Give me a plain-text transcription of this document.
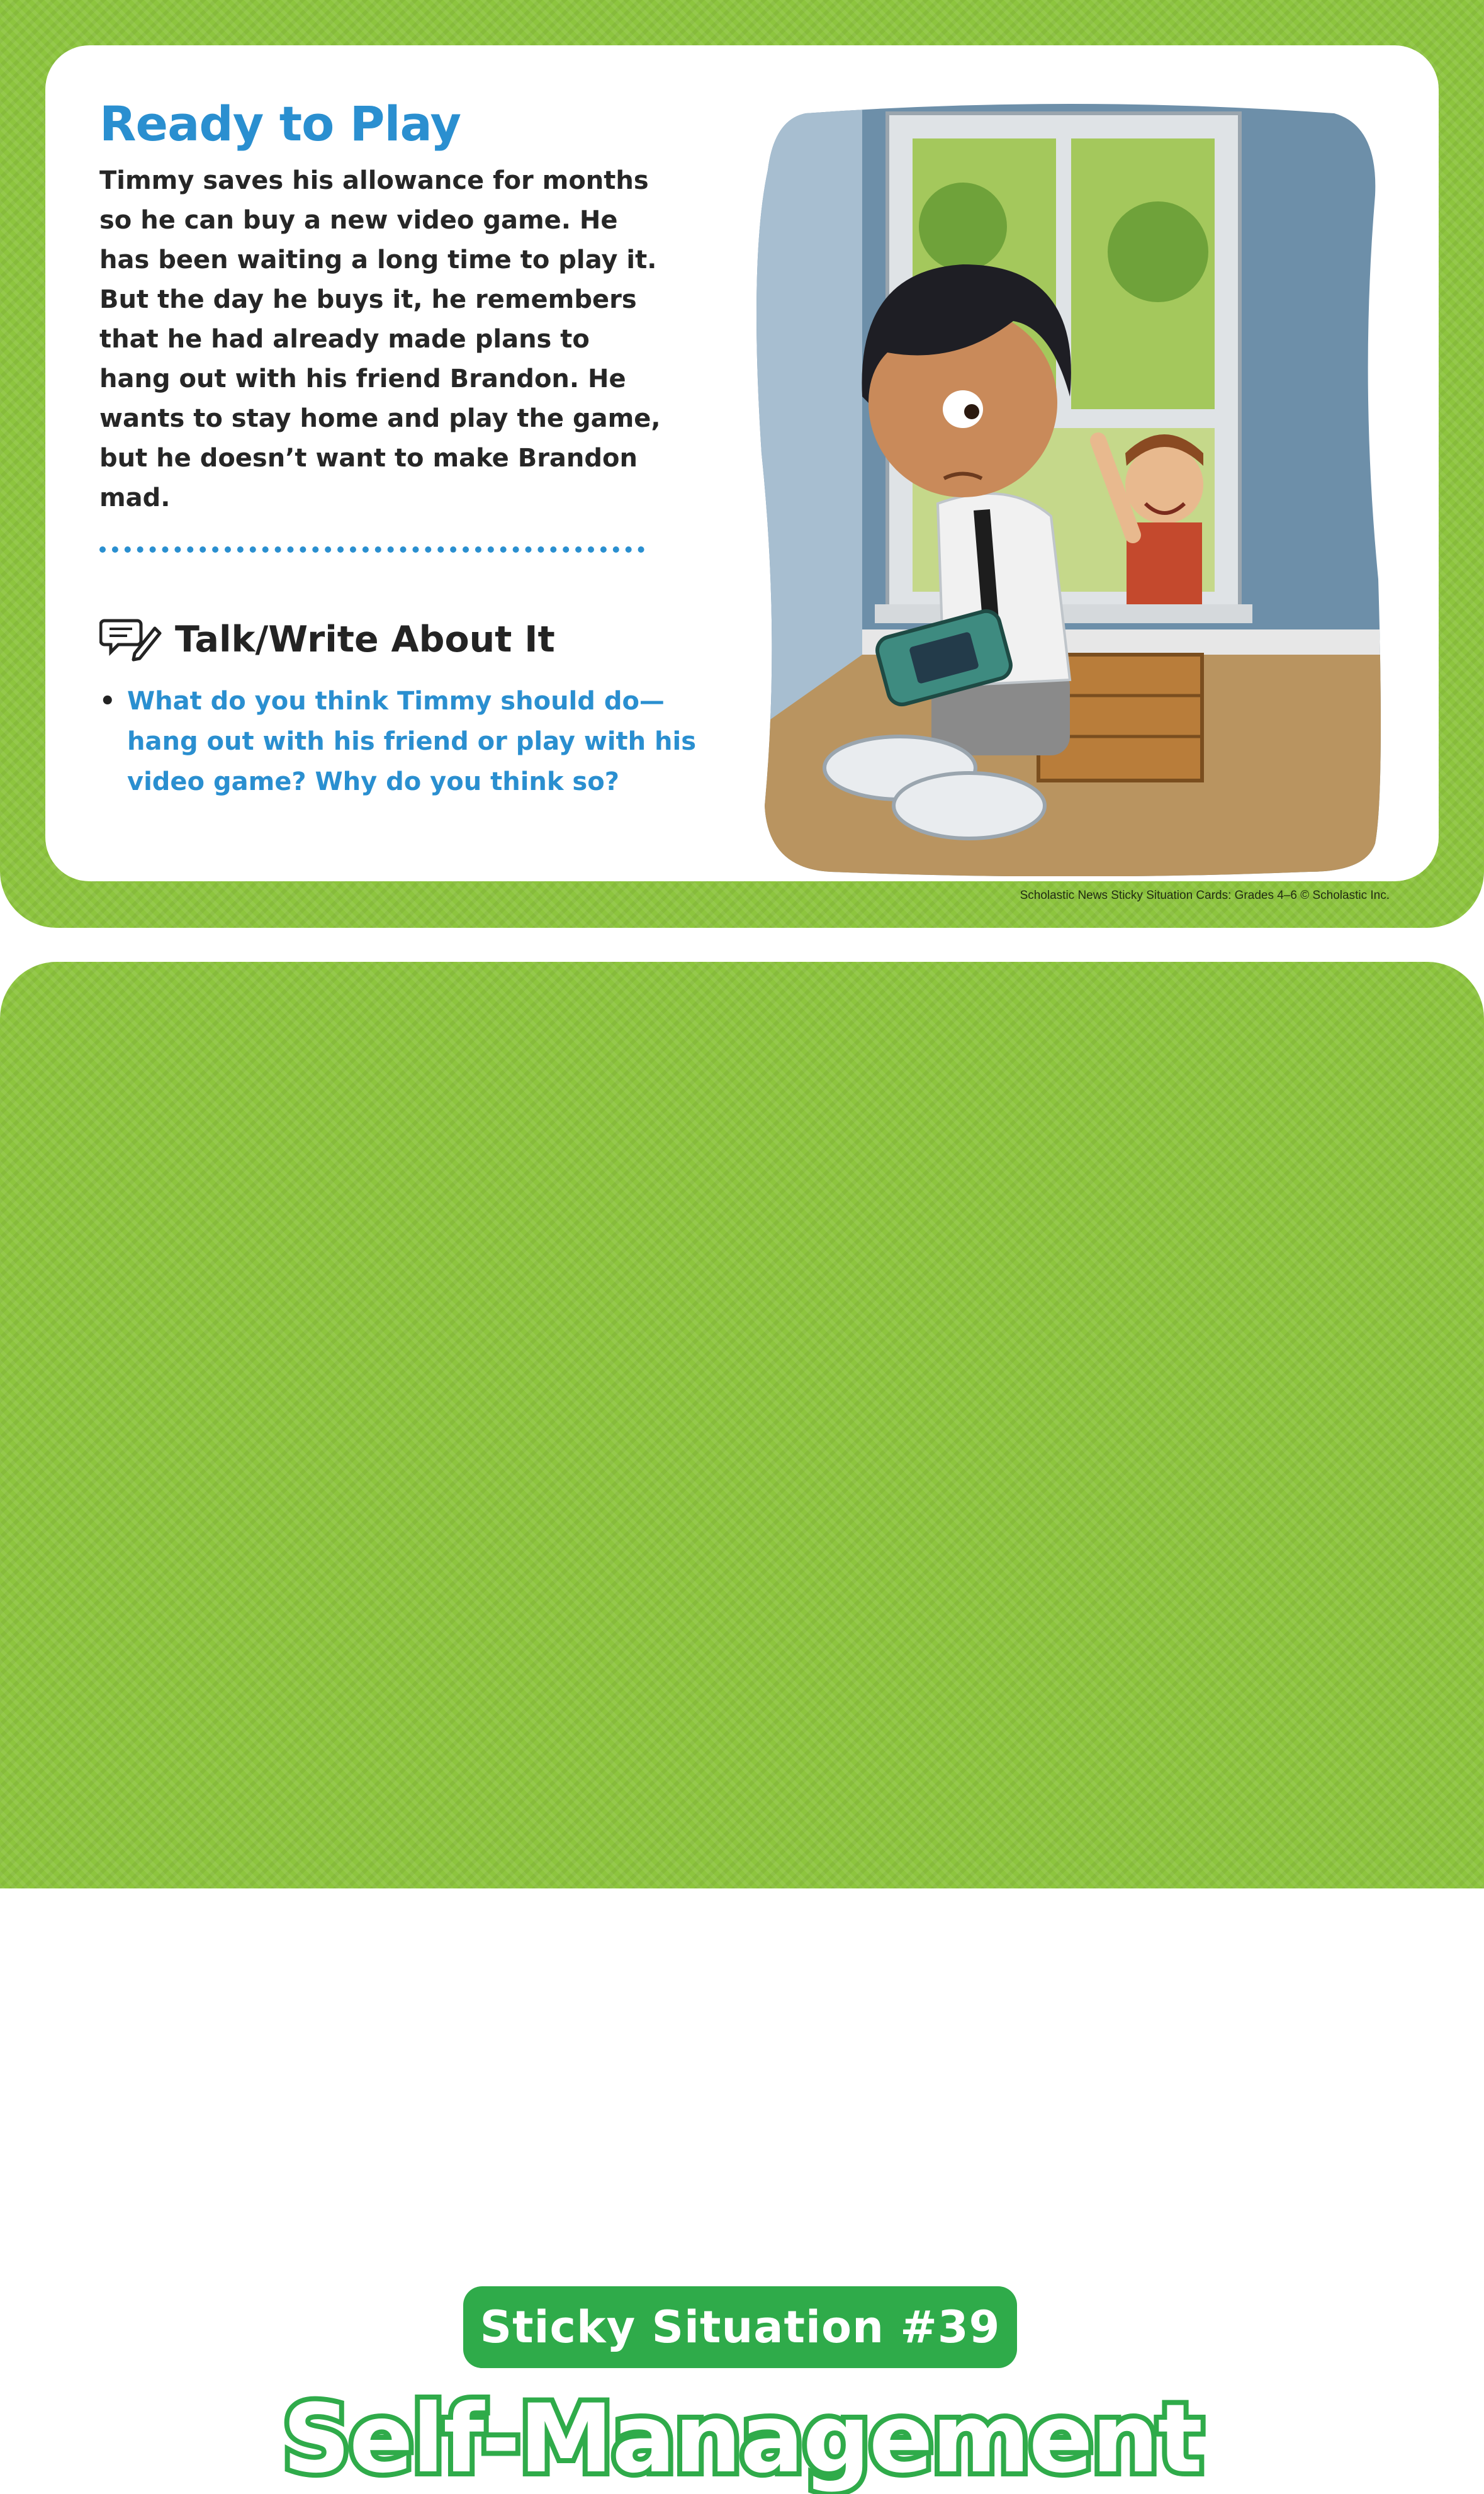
Ready to Play

Timmy saves his allowance for months so he can buy a new video game. He has been waiting a long time to play it. But the day he buys it, he remembers that he had already made plans to hang out with his friend Brandon. He wants to stay home and play the game, but he doesn’t want to make Brandon mad.

Talk/Write About It
• What do you think Timmy should do—hang out with his friend or play with his video game? Why do you think so?

Scholastic News Sticky Situation Cards: Grades 4–6 © Scholastic Inc.
Sticky Situation #39
Self-Management
